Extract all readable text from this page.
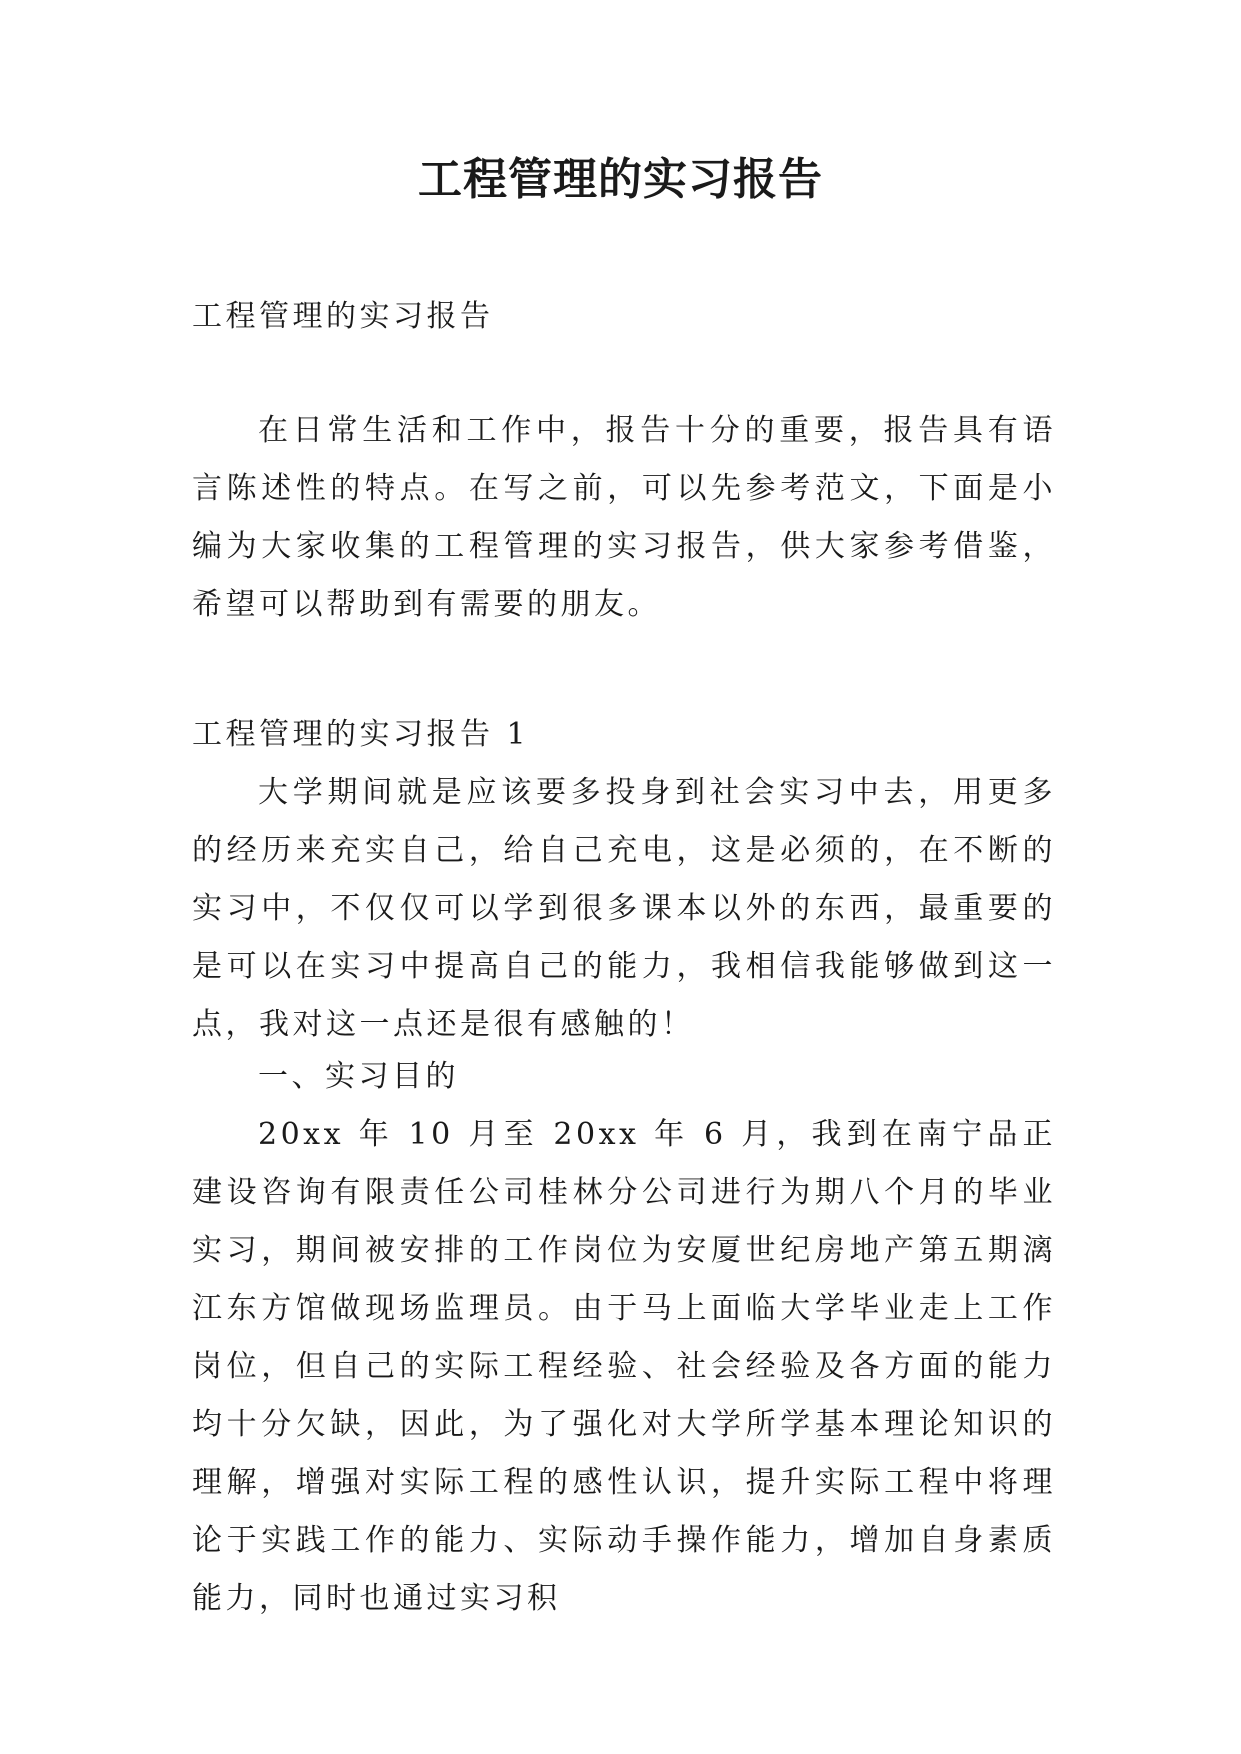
工程管理的实习报告

工程管理的实习报告

在日常生活和工作中，报告十分的重要，报告具有语言陈述性的特点。在写之前，可以先参考范文，下面是小编为大家收集的工程管理的实习报告，供大家参考借鉴，希望可以帮助到有需要的朋友。

工程管理的实习报告 1

大学期间就是应该要多投身到社会实习中去，用更多的经历来充实自己，给自己充电，这是必须的，在不断的实习中，不仅仅可以学到很多课本以外的东西，最重要的是可以在实习中提高自己的能力，我相信我能够做到这一点，我对这一点还是很有感触的！

一、实习目的

20xx 年 10 月至 20xx 年 6 月，我到在南宁品正建设咨询有限责任公司桂林分公司进行为期八个月的毕业实习，期间被安排的工作岗位为安厦世纪房地产第五期漓江东方馆做现场监理员。由于马上面临大学毕业走上工作岗位，但自己的实际工程经验、社会经验及各方面的能力均十分欠缺，因此，为了强化对大学所学基本理论知识的理解，增强对实际工程的感性认识，提升实际工程中将理论于实践工作的能力、实际动手操作能力，增加自身素质能力，同时也通过实习积
